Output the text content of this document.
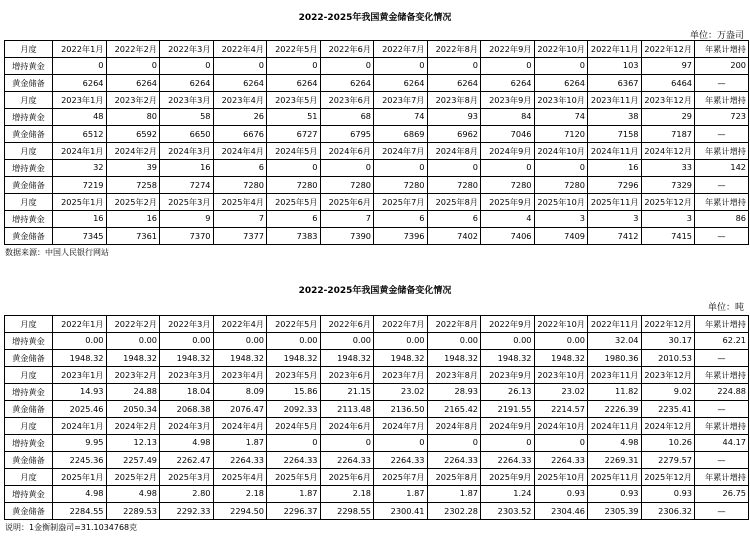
2022-2025年我国黄金储备变化情况
单位：万盎司
月度	2022年1月	2022年2月	2022年3月	2022年4月	2022年5月	2022年6月	2022年7月	2022年8月	2022年9月	2022年10月	2022年11月	2022年12月	年累计增持
增持黄金	0	0	0	0	0	0	0	0	0	0	103	97	200
黄金储备	6264	6264	6264	6264	6264	6264	6264	6264	6264	6264	6367	6464	—
月度	2023年1月	2023年2月	2023年3月	2023年4月	2023年5月	2023年6月	2023年7月	2023年8月	2023年9月	2023年10月	2023年11月	2023年12月	年累计增持
增持黄金	48	80	58	26	51	68	74	93	84	74	38	29	723
黄金储备	6512	6592	6650	6676	6727	6795	6869	6962	7046	7120	7158	7187	—
月度	2024年1月	2024年2月	2024年3月	2024年4月	2024年5月	2024年6月	2024年7月	2024年8月	2024年9月	2024年10月	2024年11月	2024年12月	年累计增持
增持黄金	32	39	16	6	0	0	0	0	0	0	16	33	142
黄金储备	7219	7258	7274	7280	7280	7280	7280	7280	7280	7280	7296	7329	—
月度	2025年1月	2025年2月	2025年3月	2025年4月	2025年5月	2025年6月	2025年7月	2025年8月	2025年9月	2025年10月	2025年11月	2025年12月	年累计增持
增持黄金	16	16	9	7	6	7	6	6	4	3	3	3	86
黄金储备	7345	7361	7370	7377	7383	7390	7396	7402	7406	7409	7412	7415	—
数据来源：中国人民银行网站
2022-2025年我国黄金储备变化情况
单位：吨
月度	2022年1月	2022年2月	2022年3月	2022年4月	2022年5月	2022年6月	2022年7月	2022年8月	2022年9月	2022年10月	2022年11月	2022年12月	年累计增持
增持黄金	0.00	0.00	0.00	0.00	0.00	0.00	0.00	0.00	0.00	0.00	32.04	30.17	62.21
黄金储备	1948.32	1948.32	1948.32	1948.32	1948.32	1948.32	1948.32	1948.32	1948.32	1948.32	1980.36	2010.53	—
月度	2023年1月	2023年2月	2023年3月	2023年4月	2023年5月	2023年6月	2023年7月	2023年8月	2023年9月	2023年10月	2023年11月	2023年12月	年累计增持
增持黄金	14.93	24.88	18.04	8.09	15.86	21.15	23.02	28.93	26.13	23.02	11.82	9.02	224.88
黄金储备	2025.46	2050.34	2068.38	2076.47	2092.33	2113.48	2136.50	2165.42	2191.55	2214.57	2226.39	2235.41	—
月度	2024年1月	2024年2月	2024年3月	2024年4月	2024年5月	2024年6月	2024年7月	2024年8月	2024年9月	2024年10月	2024年11月	2024年12月	年累计增持
增持黄金	9.95	12.13	4.98	1.87	0	0	0	0	0	0	4.98	10.26	44.17
黄金储备	2245.36	2257.49	2262.47	2264.33	2264.33	2264.33	2264.33	2264.33	2264.33	2264.33	2269.31	2279.57	—
月度	2025年1月	2025年2月	2025年3月	2025年4月	2025年5月	2025年6月	2025年7月	2025年8月	2025年9月	2025年10月	2025年11月	2025年12月	年累计增持
增持黄金	4.98	4.98	2.80	2.18	1.87	2.18	1.87	1.87	1.24	0.93	0.93	0.93	26.75
黄金储备	2284.55	2289.53	2292.33	2294.50	2296.37	2298.55	2300.41	2302.28	2303.52	2304.46	2305.39	2306.32	—
说明：1金衡制盎司=31.1034768克
